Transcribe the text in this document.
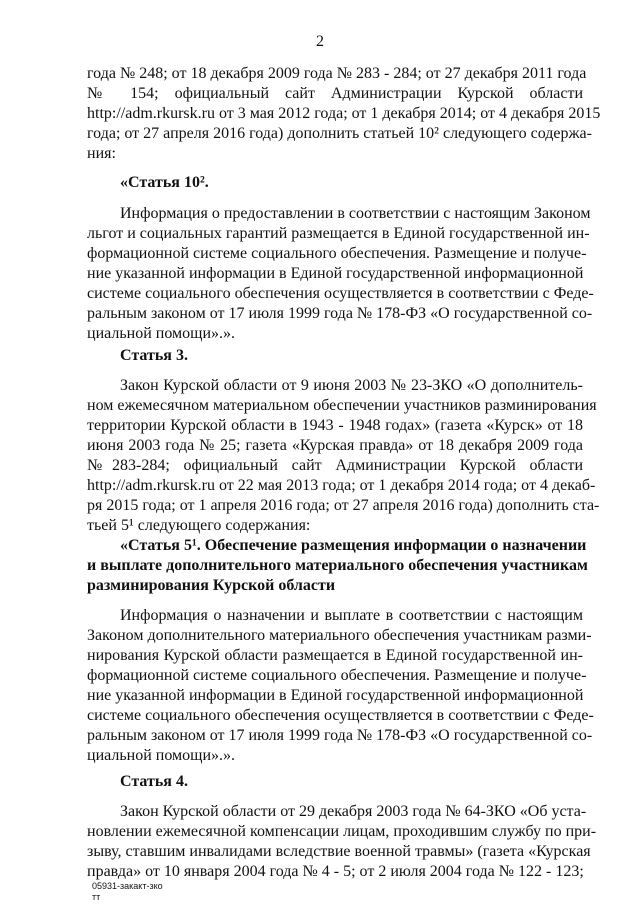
2
года № 248; от 18 декабря 2009 года № 283 - 284; от 27 декабря 2011 года
№ 154; официальный сайт Администрации Курской области
http://adm.rkursk.ru от 3 мая 2012 года; от 1 декабря 2014; от 4 декабря 2015
года; от 27 апреля 2016 года) дополнить статьей 10² следующего содержа-
ния:
«Статья 10².
Информация о предоставлении в соответствии с настоящим Законом
льгот и социальных гарантий размещается в Единой государственной ин-
формационной системе социального обеспечения. Размещение и получе-
ние указанной информации в Единой государственной информационной
системе социального обеспечения осуществляется в соответствии с Феде-
ральным законом от 17 июля 1999 года № 178-ФЗ «О государственной со-
циальной помощи».».
Статья 3.
Закон Курской области от 9 июня 2003 № 23-ЗКО «О дополнитель-
ном ежемесячном материальном обеспечении участников разминирования
территории Курской области в 1943 - 1948 годах» (газета «Курск» от 18
июня 2003 года № 25; газета «Курская правда» от 18 декабря 2009 года
№283-284; официальный сайт Администрации Курской области
http://adm.rkursk.ru от 22 мая 2013 года; от 1 декабря 2014 года; от 4 декаб-
ря 2015 года; от 1 апреля 2016 года; от 27 апреля 2016 года) дополнить ста-
тьей 5¹ следующего содержания:
«Статья 5¹. Обеспечение размещения информации о назначении
и выплате дополнительного материального обеспечения участникам
разминирования Курской области
Информация о назначении и выплате в соответствии с настоящим
Законом дополнительного материального обеспечения участникам разми-
нирования Курской области размещается в Единой государственной ин-
формационной системе социального обеспечения. Размещение и получе-
ние указанной информации в Единой государственной информационной
системе социального обеспечения осуществляется в соответствии с Феде-
ральным законом от 17 июля 1999 года № 178-ФЗ «О государственной со-
циальной помощи».».
Статья 4.
Закон Курской области от 29 декабря 2003 года № 64-ЗКО «Об уста-
новлении ежемесячной компенсации лицам, проходившим службу по при-
зыву, ставшим инвалидами вследствие военной травмы» (газета «Курская
правда» от 10 января 2004 года № 4 - 5; от 2 июля 2004 года № 122 - 123;
05931-закакт-зко
тт
